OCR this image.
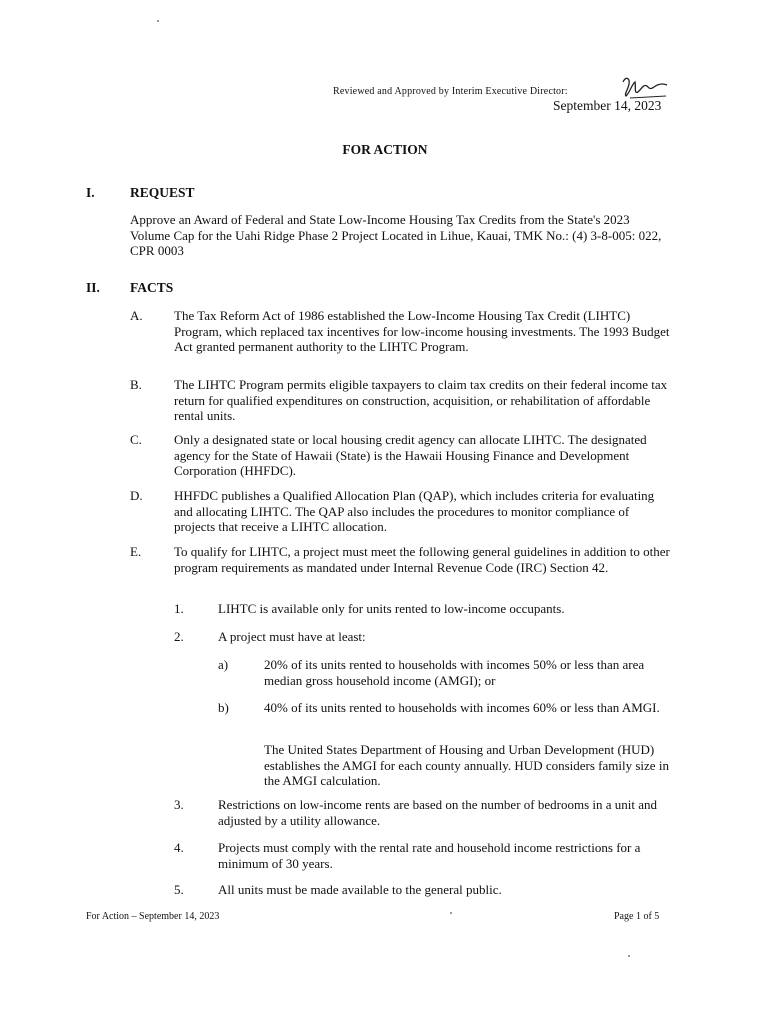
Reviewed and Approved by Interim Executive Director:
September 14, 2023
FOR ACTION
I.	REQUEST
Approve an Award of Federal and State Low-Income Housing Tax Credits from the State's 2023 Volume Cap for the Uahi Ridge Phase 2 Project Located in Lihue, Kauai, TMK No.: (4) 3-8-005: 022, CPR 0003
II. FACTS
A. The Tax Reform Act of 1986 established the Low-Income Housing Tax Credit (LIHTC) Program, which replaced tax incentives for low-income housing investments. The 1993 Budget Act granted permanent authority to the LIHTC Program.
B. The LIHTC Program permits eligible taxpayers to claim tax credits on their federal income tax return for qualified expenditures on construction, acquisition, or rehabilitation of affordable rental units.
C. Only a designated state or local housing credit agency can allocate LIHTC. The designated agency for the State of Hawaii (State) is the Hawaii Housing Finance and Development Corporation (HHFDC).
D. HHFDC publishes a Qualified Allocation Plan (QAP), which includes criteria for evaluating and allocating LIHTC. The QAP also includes the procedures to monitor compliance of projects that receive a LIHTC allocation.
E.	To qualify for LIHTC, a project must meet the following general guidelines in addition to other program requirements as mandated under Internal Revenue Code (IRC) Section 42.
1.	LIHTC is available only for units rented to low-income occupants.
2.	A project must have at least:
a)	20% of its units rented to households with incomes 50% or less than area median gross household income (AMGI); or
b)	40% of its units rented to households with incomes 60% or less than AMGI.
The United States Department of Housing and Urban Development (HUD) establishes the AMGI for each county annually. HUD considers family size in the AMGI calculation.
3.	Restrictions on low-income rents are based on the number of bedrooms in a unit and adjusted by a utility allowance.
4.	Projects must comply with the rental rate and household income restrictions for a minimum of 30 years.
5.	All units must be made available to the general public.
For Action – September 14, 2023	Page 1 of 5
